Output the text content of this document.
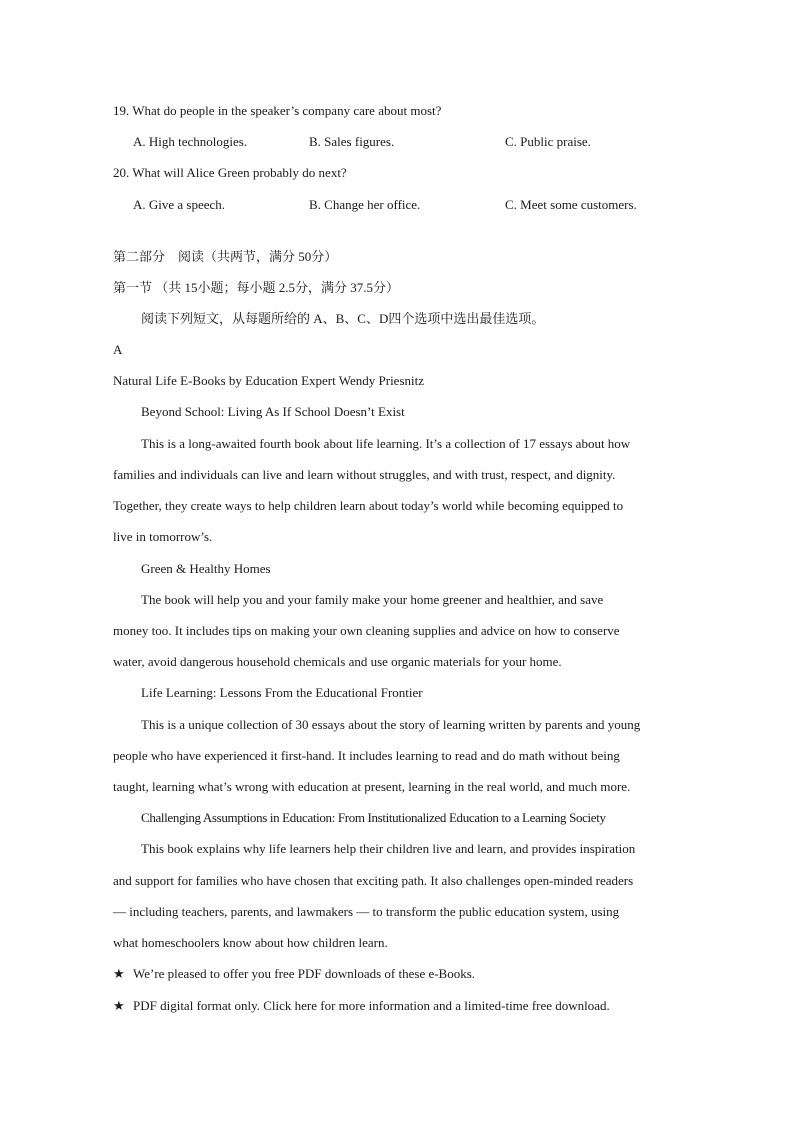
19. What do people in the speaker’s company care about most?
A. High technologies.	B. Sales figures.	C. Public praise.
20. What will Alice Green probably do next?
A. Give a speech.	B. Change her office.	C. Meet some customers.
第二部分　阅读（共两节，满分 50分）
第一节 （共 15小题；每小题 2.5分，满分 37.5分）
阅读下列短文，从每题所给的 A、B、C、D四个选项中选出最佳选项。
A
Natural Life E-Books by Education Expert Wendy Priesnitz
Beyond School: Living As If School Doesn’t Exist
This is a long-awaited fourth book about life learning. It’s a collection of 17 essays about how
families and individuals can live and learn without struggles, and with trust, respect, and dignity.
Together, they create ways to help children learn about today’s world while becoming equipped to
live in tomorrow’s.
Green & Healthy Homes
The book will help you and your family make your home greener and healthier, and save
money too. It includes tips on making your own cleaning supplies and advice on how to conserve
water, avoid dangerous household chemicals and use organic materials for your home.
Life Learning: Lessons From the Educational Frontier
This is a unique collection of 30 essays about the story of learning written by parents and young
people who have experienced it first-hand. It includes learning to read and do math without being
taught, learning what’s wrong with education at present, learning in the real world, and much more.
Challenging Assumptions in Education: From Institutionalized Education to a Learning Society
This book explains why life learners help their children live and learn, and provides inspiration
and support for families who have chosen that exciting path. It also challenges open-minded readers
— including teachers, parents, and lawmakers — to transform the public education system, using
what homeschoolers know about how children learn.
★ We’re pleased to offer you free PDF downloads of these e-Books.
★ PDF digital format only. Click here for more information and a limited-time free download.
